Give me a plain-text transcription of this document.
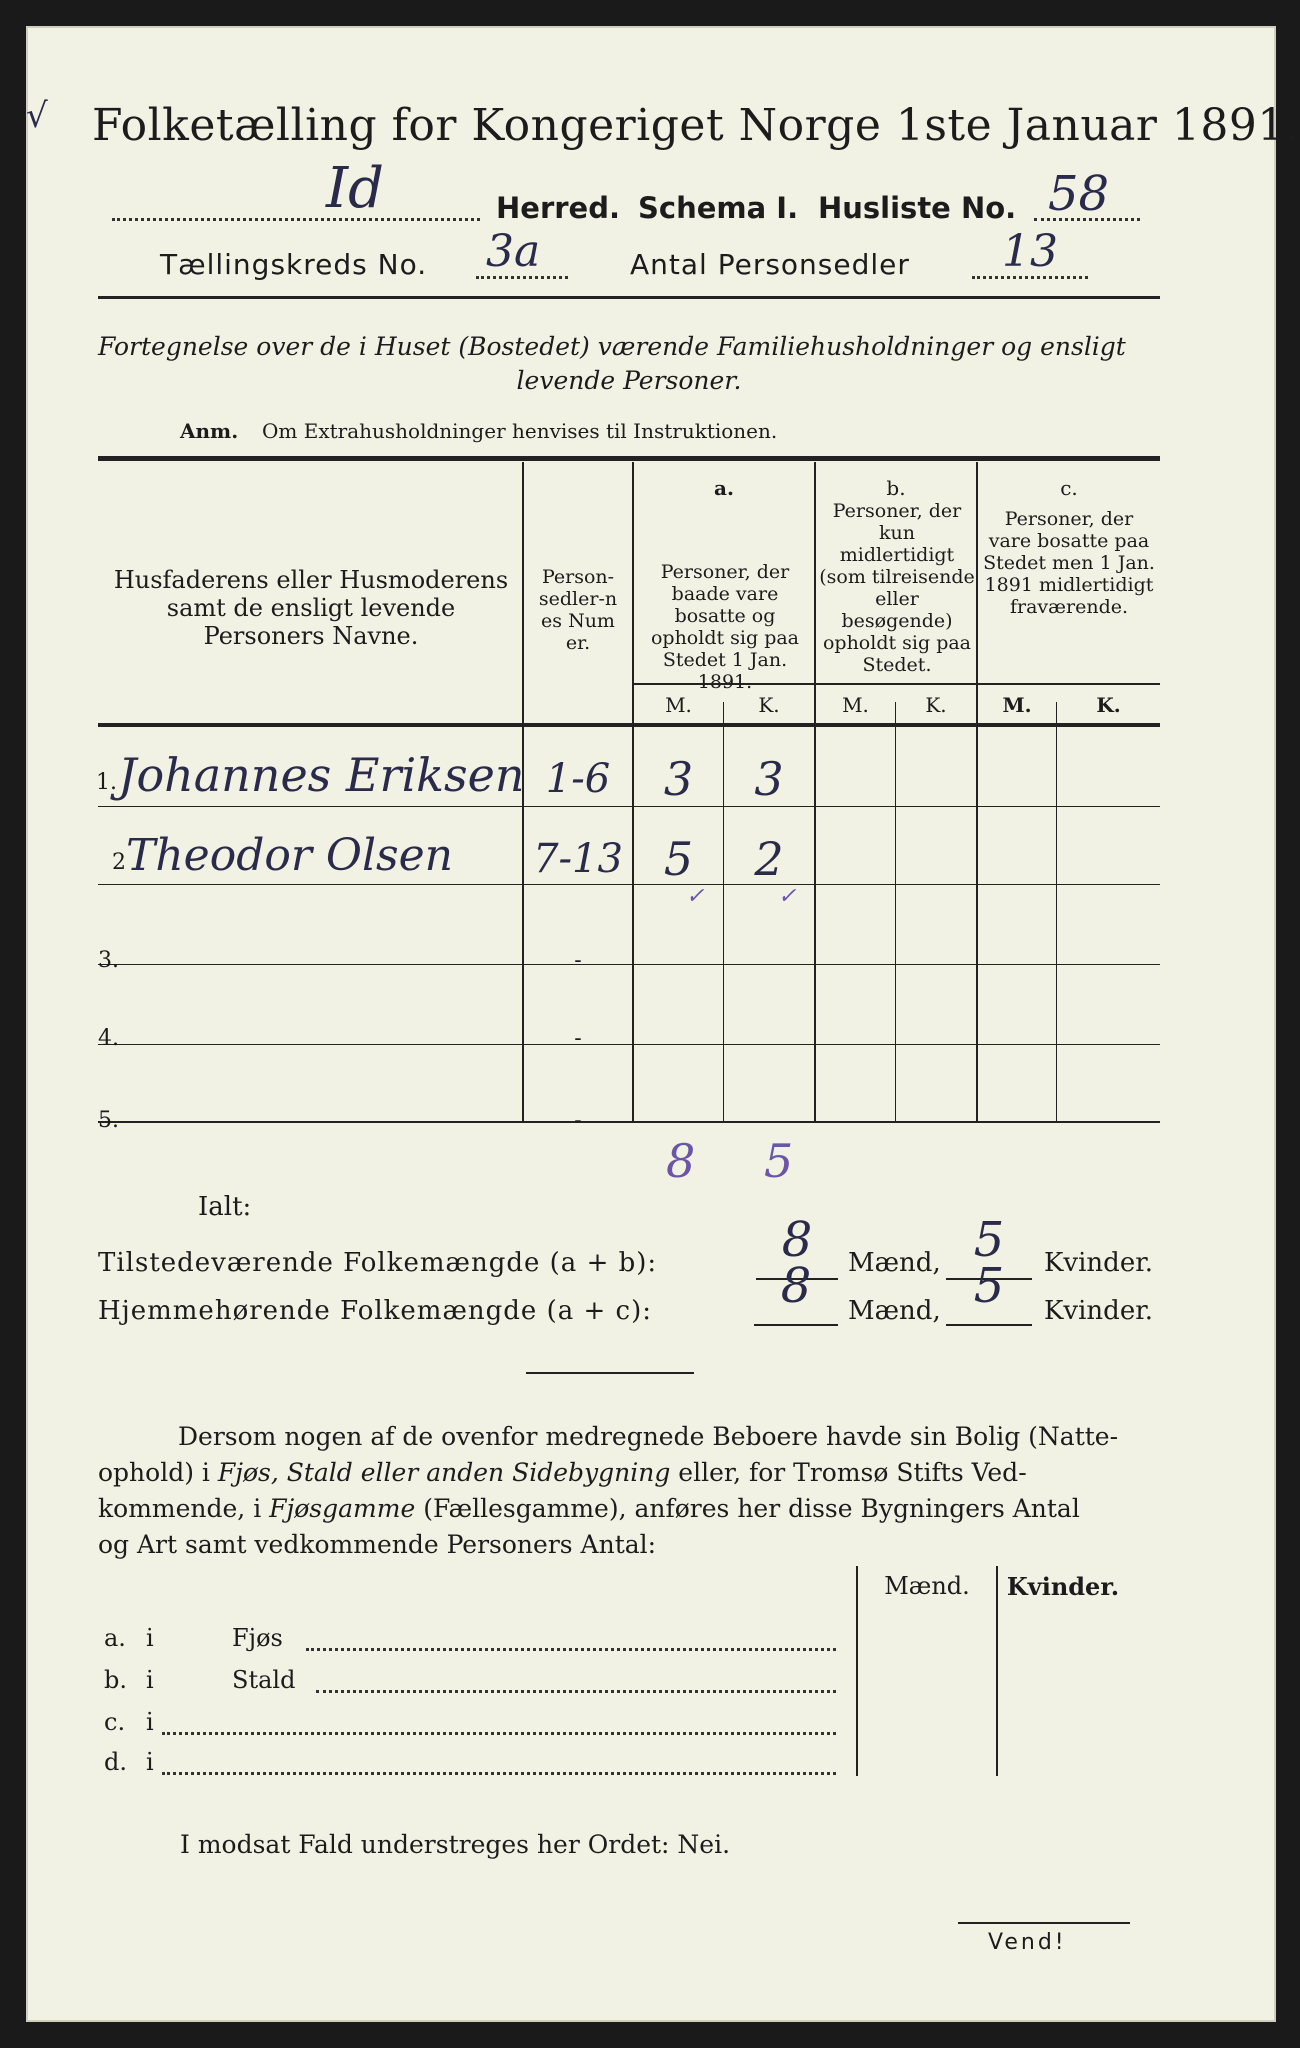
√ Folketælling for Kongeriget Norge 1ste Januar 1891.
Id	Herred. Schema I. Husliste No. 58
Tællingskreds No. 3a	Antal Personsedler 13
Fortegnelse over de i Huset (Bostedet) værende Familiehusholdninger og ensligt
levende Personer.
Anm. Om Extrahusholdninger henvises til Instruktionen.
Husfaderens eller Husmoderens samt de ensligt levende Personers Navne.
Person-sedler-nes Numer.
a.
Personer, der baade vare bosatte og opholdt sig paa Stedet 1 Jan. 1891.
b.
Personer, der kun midlertidigt (som tilreisende eller besøgende) opholdt sig paa Stedet.
c.
Personer, der vare bosatte paa Stedet men 1 Jan. 1891 midlertidigt fraværende.
M.	K.	M.	K.	M.	K.
1. Johannes Eriksen 1-6	3	3
2 Theodor Olsen 7-13 5	2
✓	✓
3.	-
4.	-
5.	-
8 5
Ialt:
Tilstedeværende Folkemængde (a + b):	8	Mænd, 5	Kvinder.
Hjemmehørende Folkemængde (a + c):	8	Mænd, 5	Kvinder.
Dersom nogen af de ovenfor medregnede Beboere havde sin Bolig (Natte-
ophold) i Fjøs, Stald eller anden Sidebygning eller, for Tromsø Stifts Ved-
kommende, i Fjøsgamme (Fællesgamme), anføres her disse Bygningers Antal
og Art samt vedkommende Personers Antal:
Mænd.	Kvinder.
a. i	Fjøs
b. i	Stald
c. i
d. i
I modsat Fald understreges her Ordet: Nei.
Vend!
